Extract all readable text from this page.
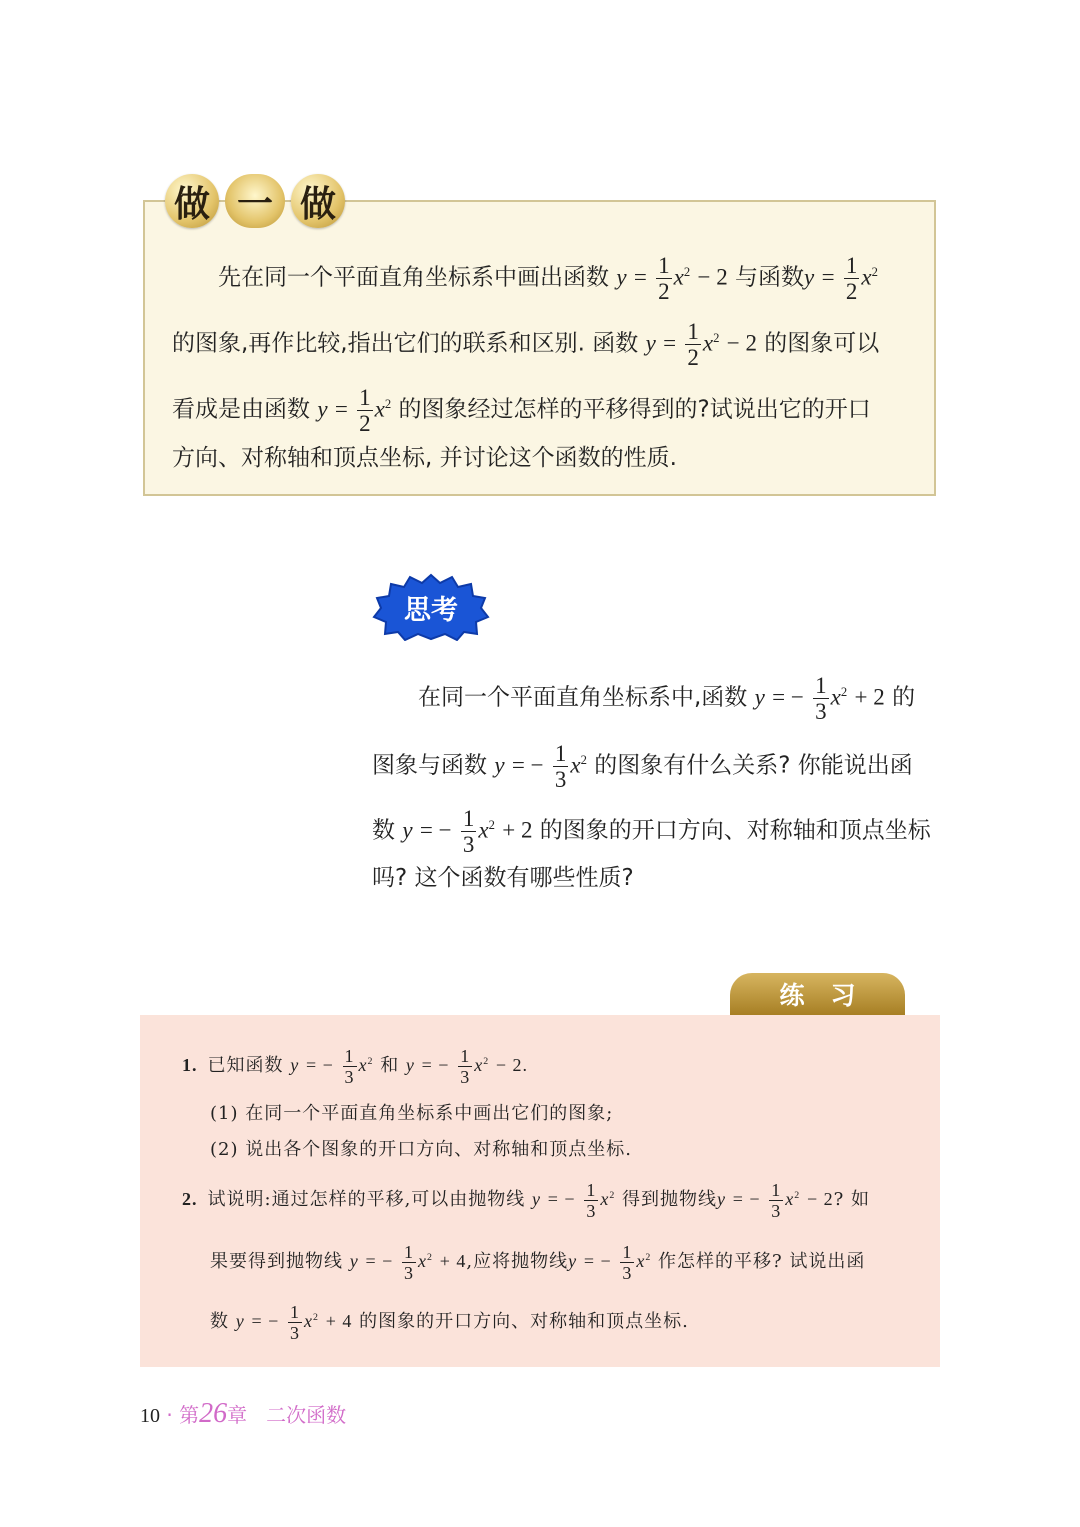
做 一 做
先在同一个平面直角坐标系中画出函数 $y = \frac{1}{2} x^2 - 2$ 与函数$y = \frac{1}{2} x^2$
的图象,再作比较,指出它们的联系和区别. 函数 $y = \frac{1}{2} x^2 - 2$ 的图象可以
看成是由函数 $y = \frac{1}{2} x^2$ 的图象经过怎样的平移得到的?试说出它的开口
方向、对称轴和顶点坐标, 并讨论这个函数的性质.
思考
在同一个平面直角坐标系中,函数 y = − $\frac{1}{3} x^2 + 2$ 的
图象与函数 y = − $\frac{1}{3} x^2$ 的图象有什么关系? 你能说出函
数 y = − $\frac{1}{3} x^2 + 2$ 的图象的开口方向、对称轴和顶点坐标
吗? 这个函数有哪些性质?
练习
1. 已知函数 y = − $\frac{1}{3} x^2$ 和 y = − $\frac{1}{3} x^2 - 2$.
(1) 在同一个平面直角坐标系中画出它们的图象;
(2) 说出各个图象的开口方向、对称轴和顶点坐标.
2. 试说明:通过怎样的平移,可以由抛物线 y = − $\frac{1}{3} x^2$ 得到抛物线y = − $\frac{1}{3} x^2 - 2$? 如
果要得到抛物线 y = − $\frac{1}{3} x^2 + 4$,应将抛物线y = − $\frac{1}{3} x^2$ 作怎样的平移? 试说出函
数 y = − $\frac{1}{3} x^2 + 4$ 的图象的开口方向、对称轴和顶点坐标.
10 · 第26章 二次函数
